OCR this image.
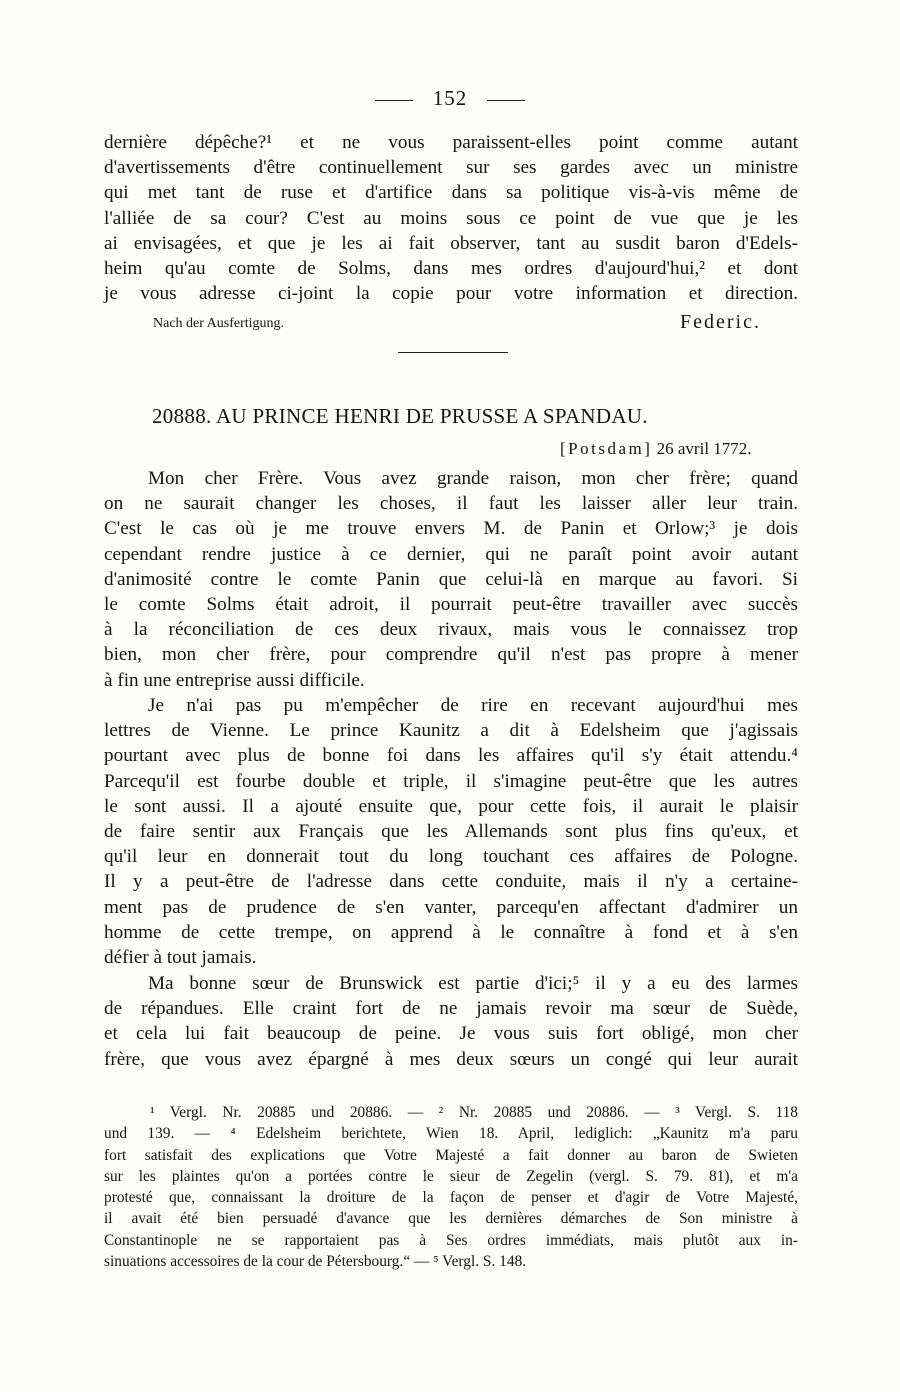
152
dernière dépêche?¹ et ne vous paraissent-elles point comme autant
d'avertissements d'être continuellement sur ses gardes avec un ministre
qui met tant de ruse et d'artifice dans sa politique vis-à-vis même de
l'alliée de sa cour? C'est au moins sous ce point de vue que je les
ai envisagées, et que je les ai fait observer, tant au susdit baron d'Edels-
heim qu'au comte de Solms, dans mes ordres d'aujourd'hui,² et dont
je vous adresse ci-joint la copie pour votre information et direction.
Nach der Ausfertigung.	Federic.
20888. AU PRINCE HENRI DE PRUSSE A SPANDAU.
[Potsdam] 26 avril 1772.
Mon cher Frère. Vous avez grande raison, mon cher frère; quand
on ne saurait changer les choses, il faut les laisser aller leur train.
C'est le cas où je me trouve envers M. de Panin et Orlow;³ je dois
cependant rendre justice à ce dernier, qui ne paraît point avoir autant
d'animosité contre le comte Panin que celui-là en marque au favori. Si
le comte Solms était adroit, il pourrait peut-être travailler avec succès
à la réconciliation de ces deux rivaux, mais vous le connaissez trop
bien, mon cher frère, pour comprendre qu'il n'est pas propre à mener
à fin une entreprise aussi difficile.
Je n'ai pas pu m'empêcher de rire en recevant aujourd'hui mes
lettres de Vienne. Le prince Kaunitz a dit à Edelsheim que j'agissais
pourtant avec plus de bonne foi dans les affaires qu'il s'y était attendu.⁴
Parcequ'il est fourbe double et triple, il s'imagine peut-être que les autres
le sont aussi. Il a ajouté ensuite que, pour cette fois, il aurait le plaisir
de faire sentir aux Français que les Allemands sont plus fins qu'eux, et
qu'il leur en donnerait tout du long touchant ces affaires de Pologne.
Il y a peut-être de l'adresse dans cette conduite, mais il n'y a certaine-
ment pas de prudence de s'en vanter, parcequ'en affectant d'admirer un
homme de cette trempe, on apprend à le connaître à fond et à s'en
défier à tout jamais.
Ma bonne sœur de Brunswick est partie d'ici;⁵ il y a eu des larmes
de répandues. Elle craint fort de ne jamais revoir ma sœur de Suède,
et cela lui fait beaucoup de peine. Je vous suis fort obligé, mon cher
frère, que vous avez épargné à mes deux sœurs un congé qui leur aurait
¹ Vergl. Nr. 20885 und 20886. — ² Nr. 20885 und 20886. — ³ Vergl. S. 118
und 139. — ⁴ Edelsheim berichtete, Wien 18. April, lediglich: „Kaunitz m'a paru
fort satisfait des explications que Votre Majesté a fait donner au baron de Swieten
sur les plaintes qu'on a portées contre le sieur de Zegelin (vergl. S. 79. 81), et m'a
protesté que, connaissant la droiture de la façon de penser et d'agir de Votre Majesté,
il avait été bien persuadé d'avance que les dernières démarches de Son ministre à
Constantinople ne se rapportaient pas à Ses ordres immédiats, mais plutôt aux in-
sinuations accessoires de la cour de Pétersbourg.“ — ⁵ Vergl. S. 148.
